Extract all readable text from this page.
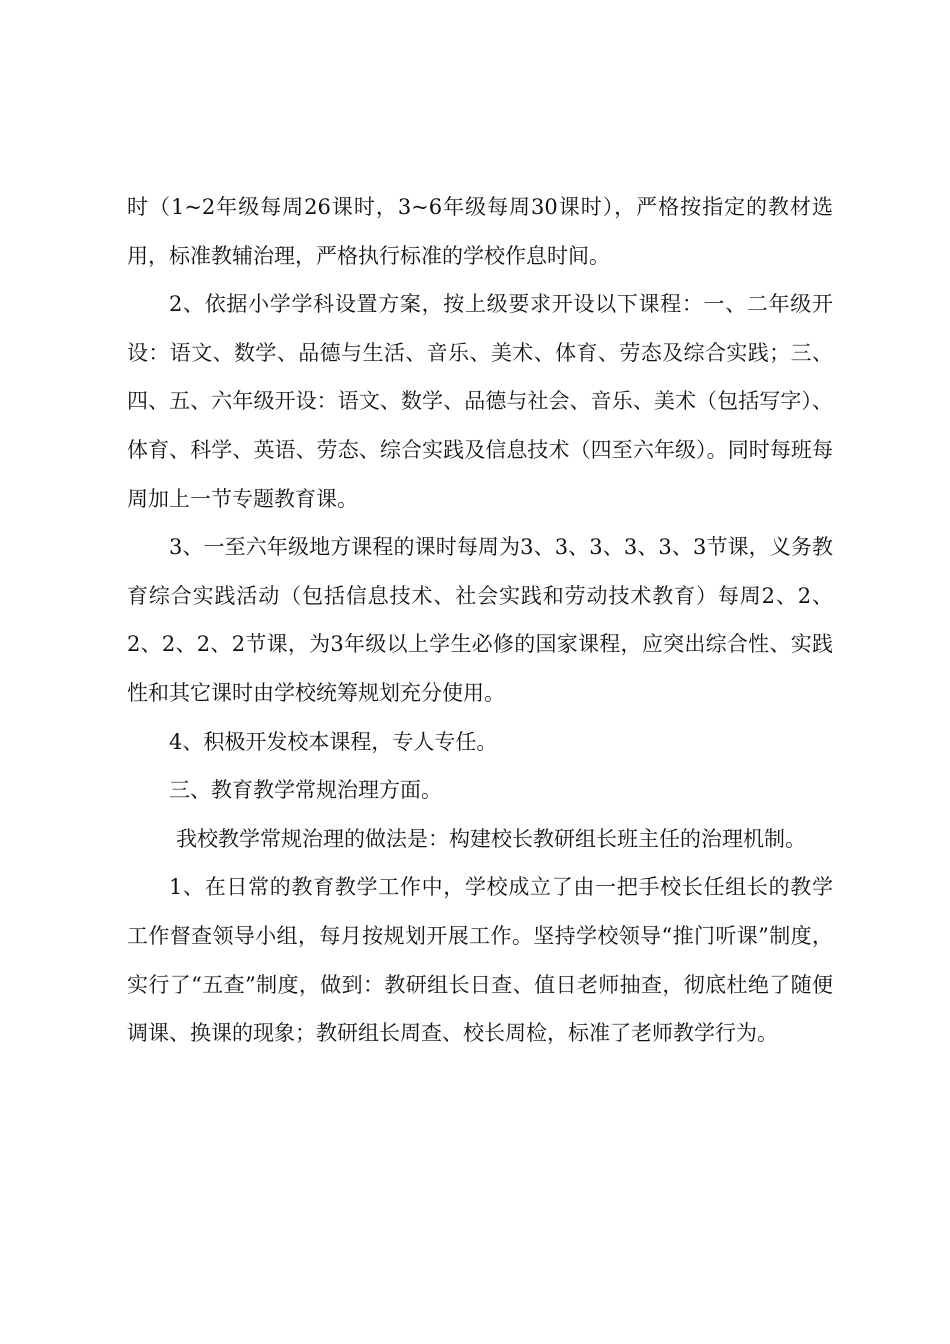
时（1~2年级每周26课时，3~6年级每周30课时），严格按指定的教材选用，标准教辅治理，严格执行标准的学校作息时间。

2、依据小学学科设置方案，按上级要求开设以下课程：一、二年级开设：语文、数学、品德与生活、音乐、美术、体育、劳态及综合实践；三、四、五、六年级开设：语文、数学、品德与社会、音乐、美术（包括写字）、体育、科学、英语、劳态、综合实践及信息技术（四至六年级）。同时每班每周加上一节专题教育课。

3、一至六年级地方课程的课时每周为3、3、3、3、3、3节课，义务教育综合实践活动（包括信息技术、社会实践和劳动技术教育）每周2、2、2、2、2、2节课，为3年级以上学生必修的国家课程，应突出综合性、实践性和其它课时由学校统筹规划充分使用。

4、积极开发校本课程，专人专任。

三、教育教学常规治理方面。

我校教学常规治理的做法是：构建校长教研组长班主任的治理机制。

1、在日常的教育教学工作中，学校成立了由一把手校长任组长的教学工作督查领导小组，每月按规划开展工作。坚持学校领导“推门听课”制度，实行了“五查”制度，做到：教研组长日查、值日老师抽查，彻底杜绝了随便调课、换课的现象；教研组长周查、校长周检，标准了老师教学行为。
